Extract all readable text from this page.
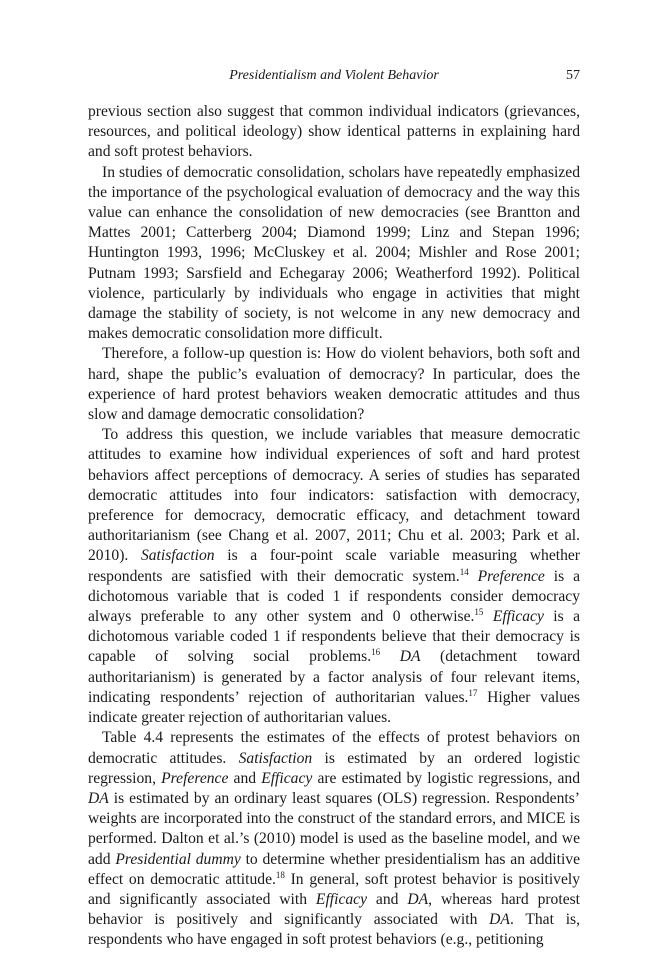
Presidentialism and Violent Behavior	57

previous section also suggest that common individual indicators (grievances, resources, and political ideology) show identical patterns in explaining hard and soft protest behaviors.

In studies of democratic consolidation, scholars have repeatedly emphasized the importance of the psychological evaluation of democracy and the way this value can enhance the consolidation of new democracies (see Brantton and Mattes 2001; Catterberg 2004; Diamond 1999; Linz and Stepan 1996; Huntington 1993, 1996; McCluskey et al. 2004; Mishler and Rose 2001; Putnam 1993; Sarsfield and Echegaray 2006; Weatherford 1992). Political violence, particularly by individuals who engage in activities that might damage the stability of society, is not welcome in any new democracy and makes democratic consolidation more difficult.

Therefore, a follow-up question is: How do violent behaviors, both soft and hard, shape the public’s evaluation of democracy? In particular, does the experience of hard protest behaviors weaken democratic attitudes and thus slow and damage democratic consolidation?

To address this question, we include variables that measure democratic attitudes to examine how individual experiences of soft and hard protest behaviors affect perceptions of democracy. A series of studies has separated democratic attitudes into four indicators: satisfaction with democracy, preference for democracy, democratic efficacy, and detachment toward authoritarianism (see Chang et al. 2007, 2011; Chu et al. 2003; Park et al. 2010). Satisfaction is a four-point scale variable measuring whether respondents are satisfied with their democratic system.$^{14}$ Preference is a dichotomous variable that is coded 1 if respondents consider democracy always preferable to any other system and 0 otherwise.$^{15}$ Efficacy is a dichotomous variable coded 1 if respondents believe that their democracy is capable of solving social problems.$^{16}$ DA (detachment toward authoritarianism) is generated by a factor analysis of four relevant items, indicating respondents’ rejection of authoritarian values.$^{17}$ Higher values indicate greater rejection of authoritarian values.

Table 4.4 represents the estimates of the effects of protest behaviors on democratic attitudes. Satisfaction is estimated by an ordered logistic regression, Preference and Efficacy are estimated by logistic regressions, and DA is estimated by an ordinary least squares (OLS) regression. Respondents’ weights are incorporated into the construct of the standard errors, and MICE is performed. Dalton et al.’s (2010) model is used as the baseline model, and we add Presidential dummy to determine whether presidentialism has an additive effect on democratic attitude.$^{18}$ In general, soft protest behavior is positively and significantly associated with Efficacy and DA, whereas hard protest behavior is positively and significantly associated with DA. That is, respondents who have engaged in soft protest behaviors (e.g., petitioning
